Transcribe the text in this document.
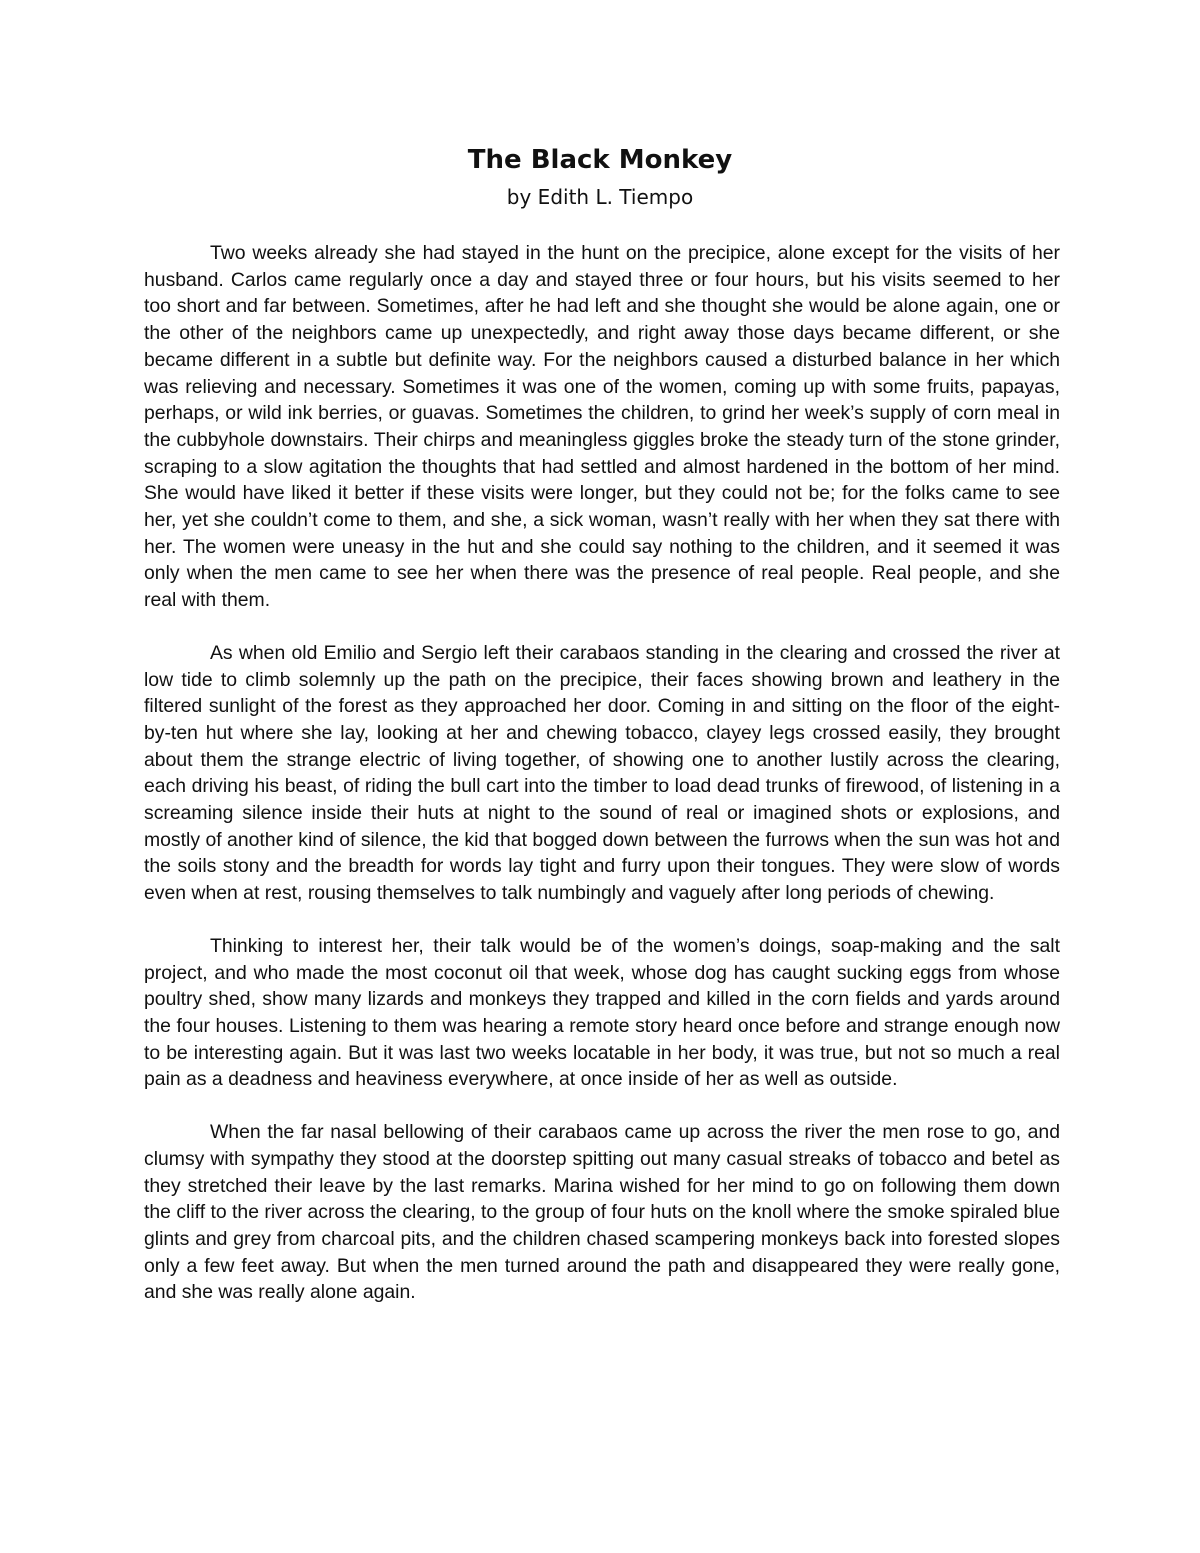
The Black Monkey
by Edith L. Tiempo

Two weeks already she had stayed in the hunt on the precipice, alone except for the visits of her husband. Carlos came regularly once a day and stayed three or four hours, but his visits seemed to her too short and far between. Sometimes, after he had left and she thought she would be alone again, one or the other of the neighbors came up unexpectedly, and right away those days became different, or she became different in a subtle but definite way. For the neighbors caused a disturbed balance in her which was relieving and necessary. Sometimes it was one of the women, coming up with some fruits, papayas, perhaps, or wild ink berries, or guavas. Sometimes the children, to grind her week’s supply of corn meal in the cubbyhole downstairs. Their chirps and meaningless giggles broke the steady turn of the stone grinder, scraping to a slow agitation the thoughts that had settled and almost hardened in the bottom of her mind. She would have liked it better if these visits were longer, but they could not be; for the folks came to see her, yet she couldn’t come to them, and she, a sick woman, wasn’t really with her when they sat there with her. The women were uneasy in the hut and she could say nothing to the children, and it seemed it was only when the men came to see her when there was the presence of real people. Real people, and she real with them.

As when old Emilio and Sergio left their carabaos standing in the clearing and crossed the river at low tide to climb solemnly up the path on the precipice, their faces showing brown and leathery in the filtered sunlight of the forest as they approached her door. Coming in and sitting on the floor of the eight-by-ten hut where she lay, looking at her and chewing tobacco, clayey legs crossed easily, they brought about them the strange electric of living together, of showing one to another lustily across the clearing, each driving his beast, of riding the bull cart into the timber to load dead trunks of firewood, of listening in a screaming silence inside their huts at night to the sound of real or imagined shots or explosions, and mostly of another kind of silence, the kid that bogged down between the furrows when the sun was hot and the soils stony and the breadth for words lay tight and furry upon their tongues. They were slow of words even when at rest, rousing themselves to talk numbingly and vaguely after long periods of chewing.

Thinking to interest her, their talk would be of the women’s doings, soap-making and the salt project, and who made the most coconut oil that week, whose dog has caught sucking eggs from whose poultry shed, show many lizards and monkeys they trapped and killed in the corn fields and yards around the four houses. Listening to them was hearing a remote story heard once before and strange enough now to be interesting again. But it was last two weeks locatable in her body, it was true, but not so much a real pain as a deadness and heaviness everywhere, at once inside of her as well as outside.

When the far nasal bellowing of their carabaos came up across the river the men rose to go, and clumsy with sympathy they stood at the doorstep spitting out many casual streaks of tobacco and betel as they stretched their leave by the last remarks. Marina wished for her mind to go on following them down the cliff to the river across the clearing, to the group of four huts on the knoll where the smoke spiraled blue glints and grey from charcoal pits, and the children chased scampering monkeys back into forested slopes only a few feet away. But when the men turned around the path and disappeared they were really gone, and she was really alone again.
